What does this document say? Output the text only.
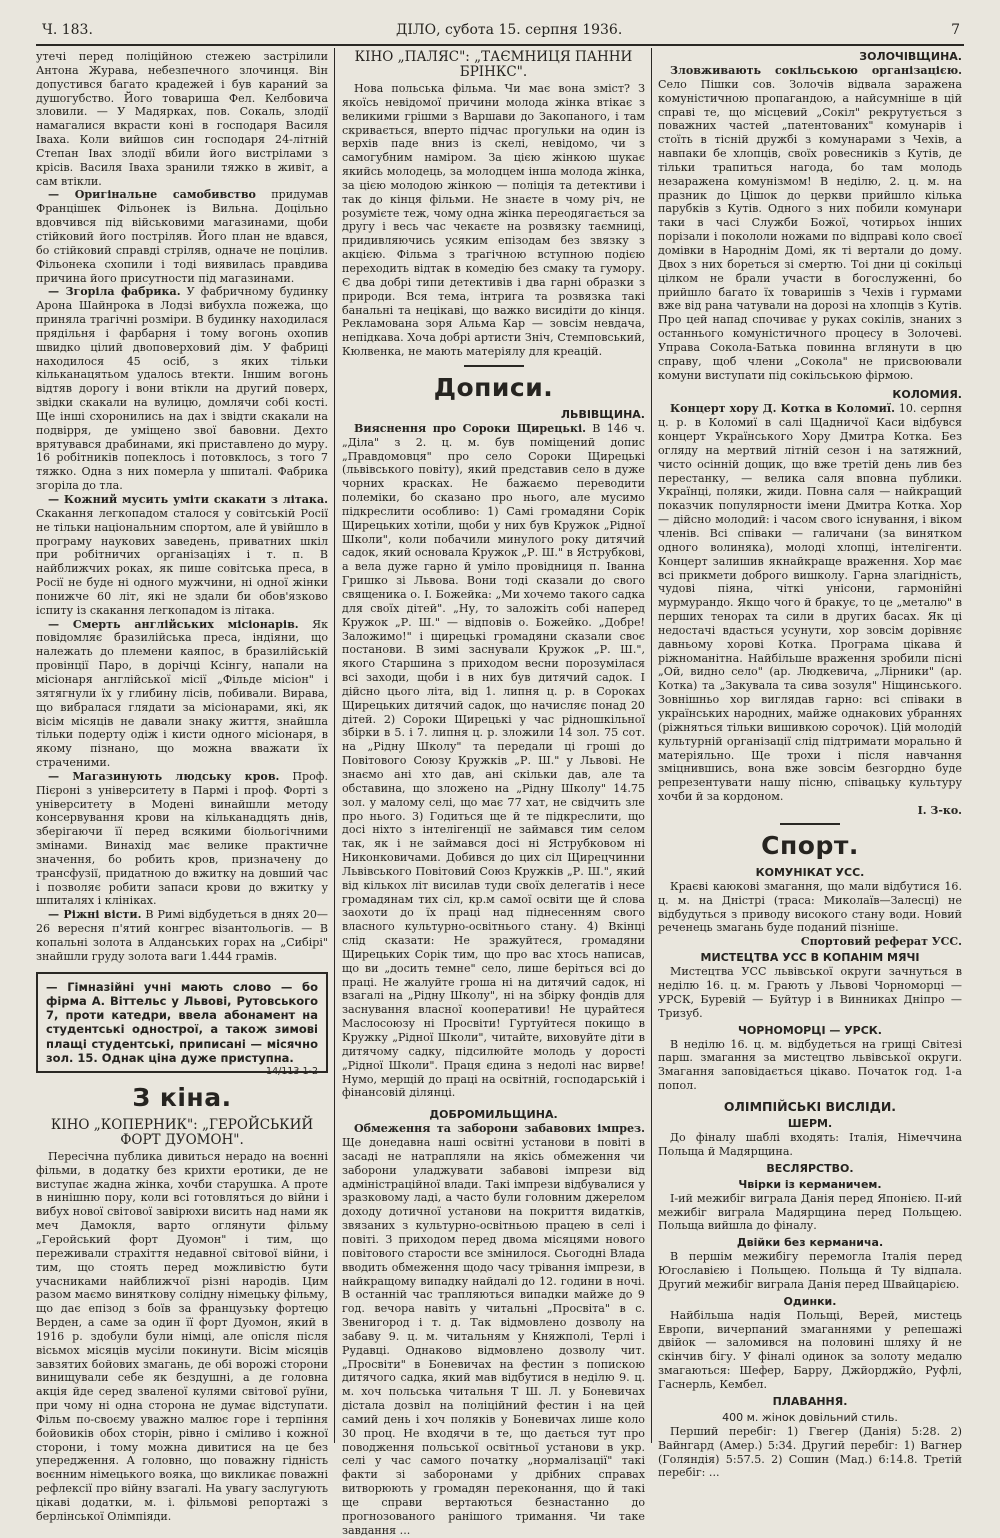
Ч. 183.	ДІЛО, субота 15. серпня 1936.	7

утечі перед поліційною стежею застрілили Антона Журава, небезпечного злочинця. Він допустився багато крадежей і був караний за душогубство. Його товариша Фел. Келбовича зловили. — У Мадярках, пов. Сокаль, злодії намагалися вкрасти коні в господаря Василя Іваха. Коли вийшов син господаря 24-літній Степан Івах злодії вбили його вистрілами з крісів. Василя Іваха зранили тяжко в живіт, а сам втікли.

— Оригінальне самобивство придумав Францішек Фільонек із Вильна. Доцільно вдовчився під військовими магазинами, щоби стійковий його постріляв. Його план не вдався, бо стійковий справді стріляв, одначе не поцілив. Фільонека схопили і тоді виявилась правдива причина його присутности під магазинами.

— Згоріла фабрика. У фабричному будинку Арона Шайнрока в Лодзі вибухла пожежа, що приняла трагічні розміри. В будинку находилася прядільня і фарбарня і тому вогонь охопив швидко цілий двоповерховий дім. У фабриці находилося 45 осіб, з яких тільки кільканацятьом удалось втекти. Іншим вогонь відтяв дорогу і вони втікли на другий поверх, звідки скакали на вулицю, домлячи собі кості. Ще інші схоронились на дах і звідти скакали на подвірря, де уміщено звої бавовни. Дехто врятувався драбинами, які приставлено до муру. 16 робітників попеклось і потовклось, з того 7 тяжко. Одна з них померла у шпиталі. Фабрика згоріла до тла.

— Кожний мусить уміти скакати з літака. Скакання легкопадом сталося у совітській Росії не тільки національним спортом, але й увійшло в програму наукових заведень, приватних шкіл при робітничих організаціях і т. п. В найближчих роках, як пише совітська преса, в Росії не буде ні одного мужчини, ні одної жінки понижче 60 літ, які не здали би обов'язково іспиту із скакання легкопадом із літака.

— Смерть англійських місіонарів. Як повідомляє бразилійська преса, індіяни, що належать до племени каяпос, в бразилійській провінції Паро, в дорічці Ксінгу, напали на місіонаря англійської місії „Фільде місіон" і зятягнули їх у глибину лісів, побивали. Вирава, що вибралася глядати за місіонарами, які, як вісім місяців не давали знаку життя, знайшла тільки подерту одіж і кисти одного місіонаря, в якому пізнано, що можна вважати їх страченими.

— Магазинують людську кров. Проф. Пієроні з університету в Пармі і проф. Форті з університету в Модені винайшли методу консервування крови на кільканадцять днів, зберігаючи її перед всякими біольогічними змінами. Винахід має велике практичне значення, бо робить кров, призначену до трансфузії, придатною до вжитку на довший час і позволяє робити запаси крови до вжитку у шпиталях і клініках.

— Ріжні вісти. В Римі відбудеться в днях 20—26 вересня п'ятий конгрес візантольогів. — В копальні золота в Алданських горах на „Сибірі" знайшли груду золота ваги 1.444 грамів.

— Гімназійні учні мають слово — бо фірма А. Віттельс у Львові, Рутовського 7, проти катедри, ввела абонамент на студентські однострої, а також зимові плащі студентські, приписані — місячно зол. 15. Однак ціна дуже приступна.
14/113 1-2
З кіна.
КІНО „КОПЕРНИК": „ГЕРОЙСЬКИЙ ФОРТ ДУОМОН".

Пересічна публика дивиться нерадо на воєнні фільми, в додатку без крихти еротики, де не виступає жадна жінка, хочби старушка. А проте в нинішню пору, коли всі готовляться до війни і вибух нової світової завірюхи висить над нами як меч Дамокля, варто оглянути фільму „Геройський форт Дуомон" і тим, що переживали страхіття недавної світової війни, і тим, що стоять перед можливістю бути учасниками найближчої різні народів. Цим разом маємо виняткову солідну німецьку фільму, що дає епізод з боїв за французьку фортецю Верден, а саме за один її форт Дуомон, який в 1916 р. здобули були німці, але опісля після вісьмох місяців мусіли покинути. Вісім місяців завзятих бойових змагань, де обі ворожі сторони винищували себе як бездушні, а де головна акція йде серед зваленої кулями світової руїни, при чому ні одна сторона не думає відступати. Фільм по-своєму уважно малює горе і терпіння бойовиків обох сторін, рівно і сміливо і кожної сторони, і тому можна дивитися на це без упередження. А головно, що поважну гідність воєнним німецького вояка, що викликає поважні рефлексії про війну взагалі. На увагу заслугують цікаві додатки, м. і. фільмові репортажі з берлінської Олімпіяди.

КІНО „ПАЛЯС": „ТАЄМНИЦЯ ПАННИ БРІНКС".

Нова польська фільма. Чи має вона зміст? З якоїсь невідомої причини молода жінка втікає з великими грішми з Варшави до Закопаного, і там скривається, вперто підчас прогульки на один із верхів паде вниз із скелі, невідомо, чи з самогубним наміром. За цією жінкою шукає якийсь молодець, за молодцем інша молода жінка, за цією молодою жінкою — поліція та детективи і так до кінця фільми. Не знаєте в чому річ, не розумієте теж, чому одна жінка переодягається за другу і весь час чекаєте на розвязку таємниці, придивляючись усяким епізодам без звязку з акцією. Фільма з трагічною вступною подією переходить відтак в комедію без смаку та гумору. Є два добрі типи детективів і два гарні образки з природи. Вся тема, інтрига та розвязка такі банальні та нецікаві, що важко висидіти до кінця. Рекламована зоря Альма Кар — зовсім невдача, непідкава. Хоча добрі артисти Зніч, Стемповський, Кюлвенка, не мають матеріялу для креацій.

Дописи.
ЛЬВІВЩИНА.

Вияснення про Сороки Щирецькі. В 146 ч. „Діла" з 2. ц. м. був поміщений допис „Правдомовця" про село Сороки Щирецькі (львівського повіту), який представив село в дуже чорних красках. Не бажаємо переводити полеміки, бо сказано про нього, але мусимо підкреслити особливо: 1) Самі громадяни Сорік Щирецьких хотіли, щоби у них був Кружок „Рідної Школи", коли побачили минулого року дитячий садок, який основала Кружок „Р. Ш." в Яструбкові, а вела дуже гарно й уміло провідниця п. Іванна Гришко зі Львова. Вони тоді сказали до свого священика о. І. Божейка: „Ми хочемо такого садка для своїх дітей". „Ну, то заложіть собі наперед Кружок „Р. Ш." — відповів о. Божейко. „Добре! Заложимо!" і щирецькі громадяни сказали своє постанови. В зимі заснували Кружок „Р. Ш.", якого Старшина з приходом весни порозумілася всі заходи, щоби і в них був дитячий садок. І дійсно цього літа, від 1. липня ц. р. в Сороках Щирецьких дитячий садок, що начисляє понад 20 дітей. 2) Сороки Щирецькі у час рідношкільної збірки в 5. і 7. липня ц. р. зложили 14 зол. 75 сот. на „Рідну Школу" та передали ці гроші до Повітового Союзу Кружків „Р. Ш." у Львові. Не знаємо ані хто дав, ані скільки дав, але та обставина, що зложено на „Рідну Школу" 14.75 зол. у малому селі, що має 77 хат, не свідчить зле про нього. 3) Годиться ще й те підкреслити, що досі ніхто з інтелігенції не займався тим селом так, як і не займався досі ні Яструбковом ні Никонковичами. Добився до цих сіл Щирецчинни Львівського Повітовий Союз Кружків „Р. Ш.", який від кількох літ висилав туди своїх делегатів і несе громадянам тих сіл, кр.м самої освіти ще й слова заохоти до їх праці над піднесенням свого власного культурно-освітнього стану. 4) Вкінці слід сказати: Не зражуйтеся, громадяни Щирецьких Сорік тим, що про вас хтось написав, що ви „досить темне" село, лише беріться всі до праці. Не жалуйте гроша ні на дитячий садок, ні взагалі на „Рідну Школу", ні на збірку фондів для заснування власної кооперативи! Не цурайтеся Маслосоюзу ні Просвіти! Гуртуйтеся покищо в Кружку „Рідної Школи", читайте, виховуйте діти в дитячому садку, підсилюйте молодь у дорості „Рідної Школи". Праця єдина з недолі нас вирве! Нумо, мерщій до праці на освітній, господарській і фінансовій ділянці.

ДОБРОМИЛЬЩИНА.

Обмеження та заборони забавових імпрез. Ще донедавна наші освітні установи в повіті в засаді не натрапляли на якісь обмеження чи заборони уладжувати забавові імпрези від адміністраційної влади. Такі імпрези відбувалися у зразковому ладі, а часто були головним джерелом доходу дотичної установи на покриття видатків, звязаних з культурно-освітньою працею в селі і повіті. З приходом перед двома місяцями нового повітового старости все змінилося. Сьогодні Влада вводить обмеження щодо часу трівання імпрези, в найкращому випадку найдалі до 12. години в ночі. В останній час трапляються випадки майже до 9 год. вечора навіть у читальні „Просвіта" в с. Звенигород і т. д. Так відмовлено дозволу на забаву 9. ц. м. читальням у Княжполі, Терлі і Рудавці. Однаково відмовлено дозволу чит. „Просвіти" в Боневичах на фестин з попискою дитячого садка, який мав відбутися в неділю 9. ц. м. хоч польська читальня Т Ш. Л. у Боневичах дістала дозвіл на поліційний фестин і на цей самий день і хоч поляків у Боневичах лише коло 30 проц. Не входячи в те, що дається тут про поводження польської освітньої установи в укр. селі у час самого початку „нормалізації" такі факти зі заборонами у дрібних справах витворюють у громадян переконання, що й такі ще справи вертаються безнастанно до прогнозованого ранішого тримання. Чи таке завдання ...

ЗОЛОЧІВЩИНА.

Зловживають сокільською організацією. Село Пішки сов. Золочів відвала заражена комуністичною пропагандою, а найсумніше в цій справі те, що місцевий „Сокіл" рекрутується з поважних частей „патентованих" комунарів і стоїть в тісній дружбі з комунарами з Чехів, а навпаки бе хлопців, своїх ровесників з Кутів, де тільки трапиться нагода, бо там молодь незаражена комунізмом! В неділю, 2. ц. м. на празник до Цішок до церкви прийшло кілька парубків з Кутів. Одного з них побили комунари таки в часі Служби Божої, чотирьох інших порізали і покололи ножами по відправі коло своєї домівки в Народнім Домі, як ті вертали до дому. Двох з них бореться зі смертю. Тоі дни ці сокільці цілком не брали участи в богослуженні, бо прийшло багато їх товаришів з Чехів і гурмами вже від рана чатували на дорозі на хлопців з Кутів. Про цей напад спочиває у руках сокілів, знаних з останнього комуністичного процесу в Золочеві. Управа Сокола-Батька повинна вглянути в цю справу, щоб члени „Сокола" не присвоювали комуни виступати під сокільською фірмою.

КОЛОМИЯ.

Концерт хору Д. Котка в Коломиї. 10. серпня ц. р. в Коломиї в салі Щадничої Каси відбувся концерт Українського Хору Дмитра Котка. Без огляду на мертвий літній сезон і на затяжний, чисто осінній дощик, що вже третій день лив без перестанку, — велика саля вповна публики. Українці, поляки, жиди. Повна саля — найкращий показчик популярности імени Дмитра Котка. Хор — дійсно молодий: і часом свого існування, і віком членів. Всі співаки — галичани (за винятком одного волиняка), молоді хлопці, інтелігенти. Концерт залишив якнайкраще враження. Хор має всі прикмети доброго вишколу. Гарна злагідність, чудові піяна, чіткі унісони, гармонійні мурмурандо. Якщо чого й бракує, то це „металю" в перших тенорах та сили в других басах. Як ці недостачі вдасться усунути, хор зовсім дорівняє давньому хорові Котка. Програма цікава й ріжноманітна. Найбільше враження зробили пісні „Ой, видно село" (ар. Людкевича, „Лірники" (ар. Котка) та „Закувала та сива зозуля" Ніщинського. Зовнішньо хор виглядав гарно: всі співаки в українських народних, майже однакових убраннях (ріжняться тільки вишивкою сорочок). Цій молодій культурній організації слід підтримати морально й матеріяльно. Ще трохи і після навчання зміцнившись, вона вже зовсім безгордно буде репрезентувати нашу пісню, співацьку культуру хочби й за кордоном.

І. З-ко.

Спорт.
КОМУНІКАТ УСС.

Краєві каюкові змагання, що мали відбутися 16. ц. м. на Дністрі (траса: Миколаїв—Залесці) не відбудуться з приводу високого стану води. Новий реченець змагань буде поданий пізніше.

Спортовий реферат УСС.

МИСТЕЦТВА УСС В КОПАНІМ МЯЧІ

Мистецтва УСС львівської округи зачнуться в неділю 16. ц. м. Грають у Львові Чорноморці — УРСК, Буревій — Буйтур і в Винниках Дніпро — Тризуб.

ЧОРНОМОРЦІ — УРСК.

В неділю 16. ц. м. відбудеться на грищі Світезі парш. змагання за мистецтво львівської округи. Змагання заповідається цікаво. Початок год. 1-а попол.

ОЛІМПІЙСЬКІ ВИСЛІДИ.
ШЕРМ.

До фіналу шаблі входять: Італія, Німеччина Польща й Мадярщина.

ВЕСЛЯРСТВО.
Чвірки із керманичем.

І-ий межибіг виграла Данія перед Японією. ІІ-ий межибіг виграла Мадярщина перед Польщею. Польща вийшла до фіналу.

Двійки без керманича.

В першім межибігу перемогла Італія перед Югославією і Польщею. Польща й Ту відпала. Другий межибіг виграла Данія перед Швайцарією.

Одинки.

Найбільша надія Польщі, Верей, мистець Европи, вичерпаний змаганнями у репешажі двійок — заломився на половині шляху й не скінчив бігу. У фіналі одинок за золоту медалю змагаються: Шефер, Барру, Джйорджйо, Руфлі, Гаснерль, Кембел.

ПЛАВАННЯ.
400 м. жінок довільний стиль.

Перший перебіг: 1) Гвегер (Данія) 5:28. 2) Вайнгард (Амер.) 5:34. Другий перебіг: 1) Вагнер (Голяндія) 5:57.5. 2) Сошин (Мад.) 6:14.8. Третій перебіг: ...
